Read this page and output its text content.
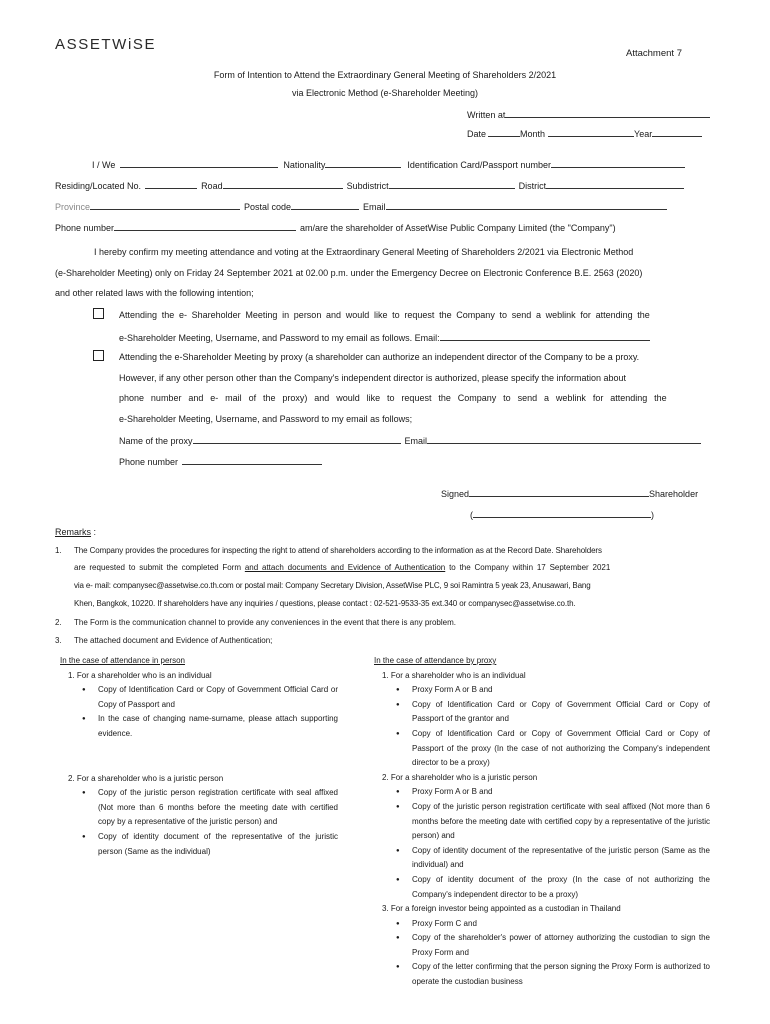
ASSETWiSE
Attachment 7
Form of Intention to Attend the Extraordinary General Meeting of Shareholders 2/2021
via Electronic Method (e-Shareholder Meeting)
Written at
Date	Month	Year
I / We	Nationality	Identification Card/Passport number
Residing/Located No.	Road	Subdistrict	District
Province	Postal code	Email
Phone number	am/are the shareholder of AssetWise Public Company Limited (the "Company")
I hereby confirm my meeting attendance and voting at the Extraordinary General Meeting of Shareholders 2/2021 via Electronic Method
(e-Shareholder Meeting) only on Friday 24 September 2021 at 02.00 p.m. under the Emergency Decree on Electronic Conference B.E. 2563 (2020)
and other related laws with the following intention;
Attending the e- Shareholder Meeting in person and would like to request the Company to send a weblink for attending the
e-Shareholder Meeting, Username, and Password to my email as follows. Email:
Attending the e-Shareholder Meeting by proxy (a shareholder can authorize an independent director of the Company to be a proxy.
However, if any other person other than the Company's independent director is authorized, please specify the information about
phone number and e- mail of the proxy) and would like to request the Company to send a weblink for attending the
e-Shareholder Meeting, Username, and Password to my email as follows;
Name of the proxy	Email
Phone number
Signed	Shareholder
(	)
Remarks :
1. The Company provides the procedures for inspecting the right to attend of shareholders according to the information as at the Record Date. Shareholders
are requested to submit the completed Form and attach documents and Evidence of Authentication to the Company within 17 September 2021
via e- mail: companysec@assetwise.co.th.com or postal mail: Company Secretary Division, AssetWise PLC, 9 soi Ramintra 5 yeak 23, Anusawari, Bang
Khen, Bangkok, 10220. If shareholders have any inquiries / questions, please contact : 02-521-9533-35 ext.340 or companysec@assetwise.co.th.
2. The Form is the communication channel to provide any conveniences in the event that there is any problem.
3. The attached document and Evidence of Authentication;
In the case of attendance in person
1. For a shareholder who is an individual
● Copy of Identification Card or Copy of Government Official Card or Copy of Passport and
● In the case of changing name-surname, please attach supporting evidence.
2. For a shareholder who is a juristic person
● Copy of the juristic person registration certificate with seal affixed (Not more than 6 months before the meeting date with certified copy by a representative of the juristic person) and
● Copy of identity document of the representative of the juristic person (Same as the individual)
In the case of attendance by proxy
1. For a shareholder who is an individual
● Proxy Form A or B and
● Copy of Identification Card or Copy of Government Official Card or Copy of Passport of the grantor and
● Copy of Identification Card or Copy of Government Official Card or Copy of Passport of the proxy (In the case of not authorizing the Company's independent director to be a proxy)
2. For a shareholder who is a juristic person
● Proxy Form A or B and
● Copy of the juristic person registration certificate with seal affixed (Not more than 6 months before the meeting date with certified copy by a representative of the juristic person) and
● Copy of identity document of the representative of the juristic person (Same as the individual) and
● Copy of identity document of the proxy (In the case of not authorizing the Company's independent director to be a proxy)
3. For a foreign investor being appointed as a custodian in Thailand
● Proxy Form C and
● Copy of the shareholder's power of attorney authorizing the custodian to sign the Proxy Form and
● Copy of the letter confirming that the person signing the Proxy Form is authorized to operate the custodian business
